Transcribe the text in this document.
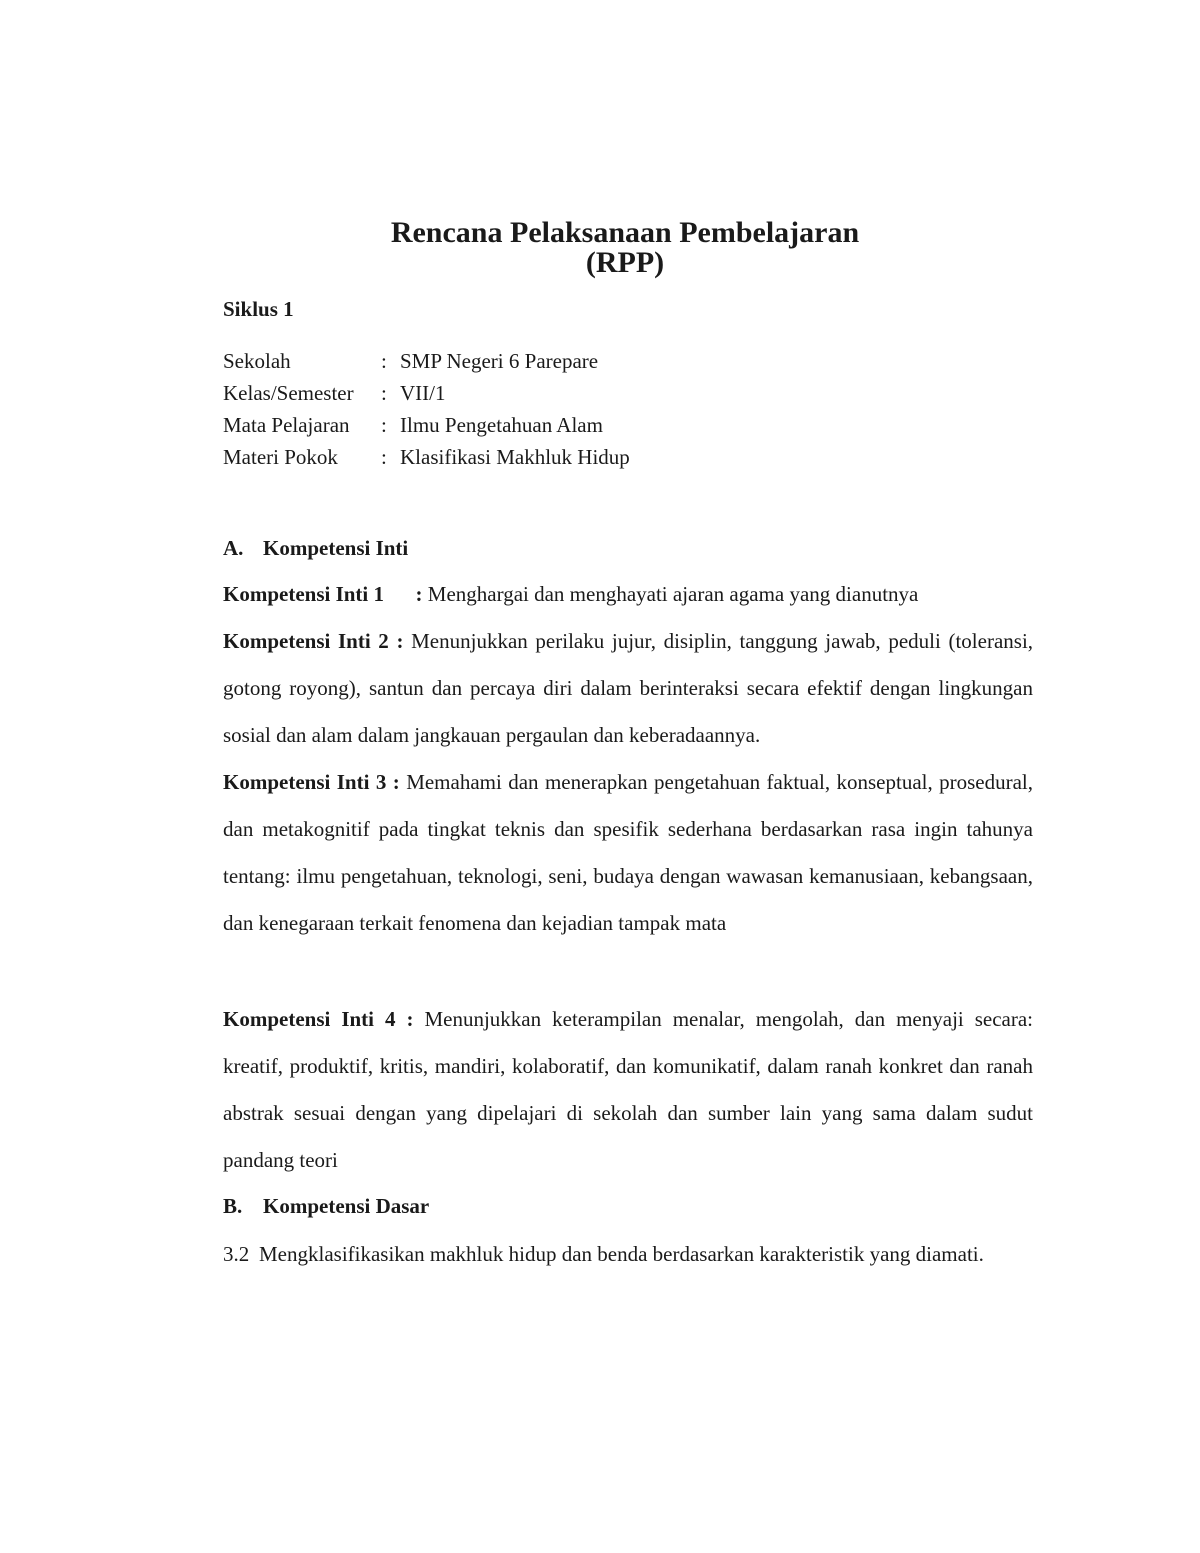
Rencana Pelaksanaan Pembelajaran
(RPP)
Siklus 1
Sekolah	: SMP Negeri 6 Parepare
Kelas/Semester : VII/1
Mata Pelajaran : Ilmu Pengetahuan Alam
Materi Pokok : Klasifikasi Makhluk Hidup
A. Kompetensi Inti
Kompetensi Inti 1 : Menghargai dan menghayati ajaran agama yang dianutnya
Kompetensi Inti 2 : Menunjukkan perilaku jujur, disiplin, tanggung jawab, peduli (toleransi, gotong royong), santun dan percaya diri dalam berinteraksi secara efektif dengan lingkungan sosial dan alam dalam jangkauan pergaulan dan keberadaannya.
Kompetensi Inti 3 : Memahami dan menerapkan pengetahuan faktual, konseptual, prosedural, dan metakognitif pada tingkat teknis dan spesifik sederhana berdasarkan rasa ingin tahunya tentang: ilmu pengetahuan, teknologi, seni, budaya dengan wawasan kemanusiaan, kebangsaan, dan kenegaraan terkait fenomena dan kejadian tampak mata
Kompetensi Inti 4 : Menunjukkan keterampilan menalar, mengolah, dan menyaji secara: kreatif, produktif, kritis, mandiri, kolaboratif, dan komunikatif, dalam ranah konkret dan ranah abstrak sesuai dengan yang dipelajari di sekolah dan sumber lain yang sama dalam sudut pandang teori
B. Kompetensi Dasar
3.2 Mengklasifikasikan makhluk hidup dan benda berdasarkan karakteristik yang diamati.
